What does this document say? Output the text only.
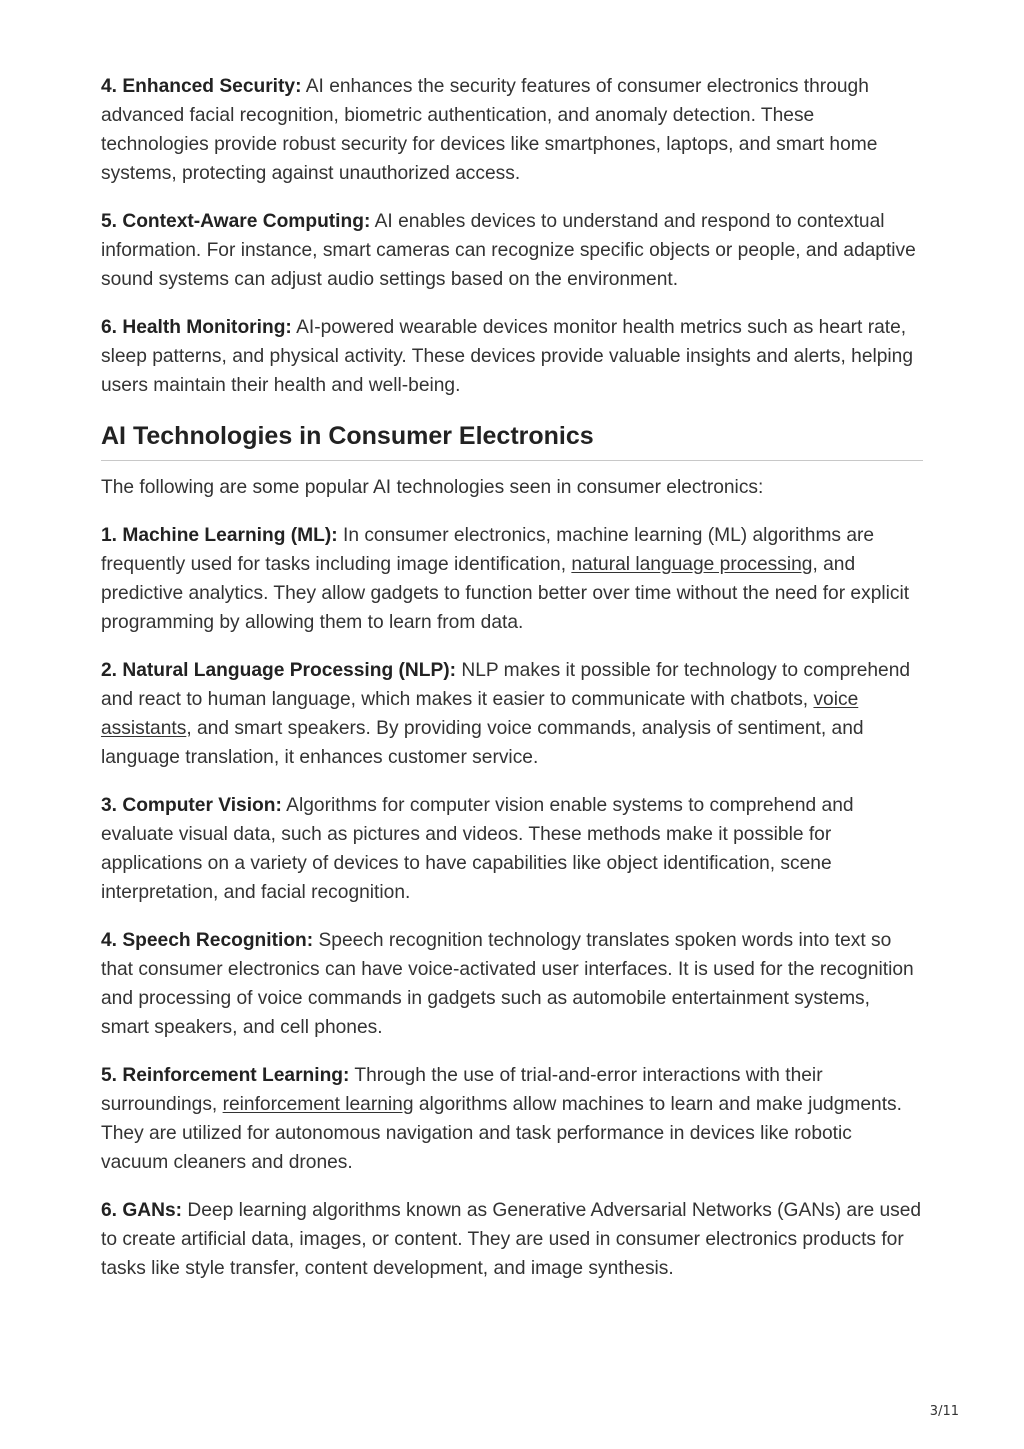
4. Enhanced Security: AI enhances the security features of consumer electronics through advanced facial recognition, biometric authentication, and anomaly detection. These technologies provide robust security for devices like smartphones, laptops, and smart home systems, protecting against unauthorized access.

5. Context-Aware Computing: AI enables devices to understand and respond to contextual information. For instance, smart cameras can recognize specific objects or people, and adaptive sound systems can adjust audio settings based on the environment.

6. Health Monitoring: AI-powered wearable devices monitor health metrics such as heart rate, sleep patterns, and physical activity. These devices provide valuable insights and alerts, helping users maintain their health and well-being.

AI Technologies in Consumer Electronics

The following are some popular AI technologies seen in consumer electronics:

1. Machine Learning (ML): In consumer electronics, machine learning (ML) algorithms are frequently used for tasks including image identification, natural language processing, and predictive analytics. They allow gadgets to function better over time without the need for explicit programming by allowing them to learn from data.

2. Natural Language Processing (NLP): NLP makes it possible for technology to comprehend and react to human language, which makes it easier to communicate with chatbots, voice assistants, and smart speakers. By providing voice commands, analysis of sentiment, and language translation, it enhances customer service.

3. Computer Vision: Algorithms for computer vision enable systems to comprehend and evaluate visual data, such as pictures and videos. These methods make it possible for applications on a variety of devices to have capabilities like object identification, scene interpretation, and facial recognition.

4. Speech Recognition: Speech recognition technology translates spoken words into text so that consumer electronics can have voice-activated user interfaces. It is used for the recognition and processing of voice commands in gadgets such as automobile entertainment systems, smart speakers, and cell phones.

5. Reinforcement Learning: Through the use of trial-and-error interactions with their surroundings, reinforcement learning algorithms allow machines to learn and make judgments. They are utilized for autonomous navigation and task performance in devices like robotic vacuum cleaners and drones.

6. GANs: Deep learning algorithms known as Generative Adversarial Networks (GANs) are used to create artificial data, images, or content. They are used in consumer electronics products for tasks like style transfer, content development, and image synthesis.

3/11
